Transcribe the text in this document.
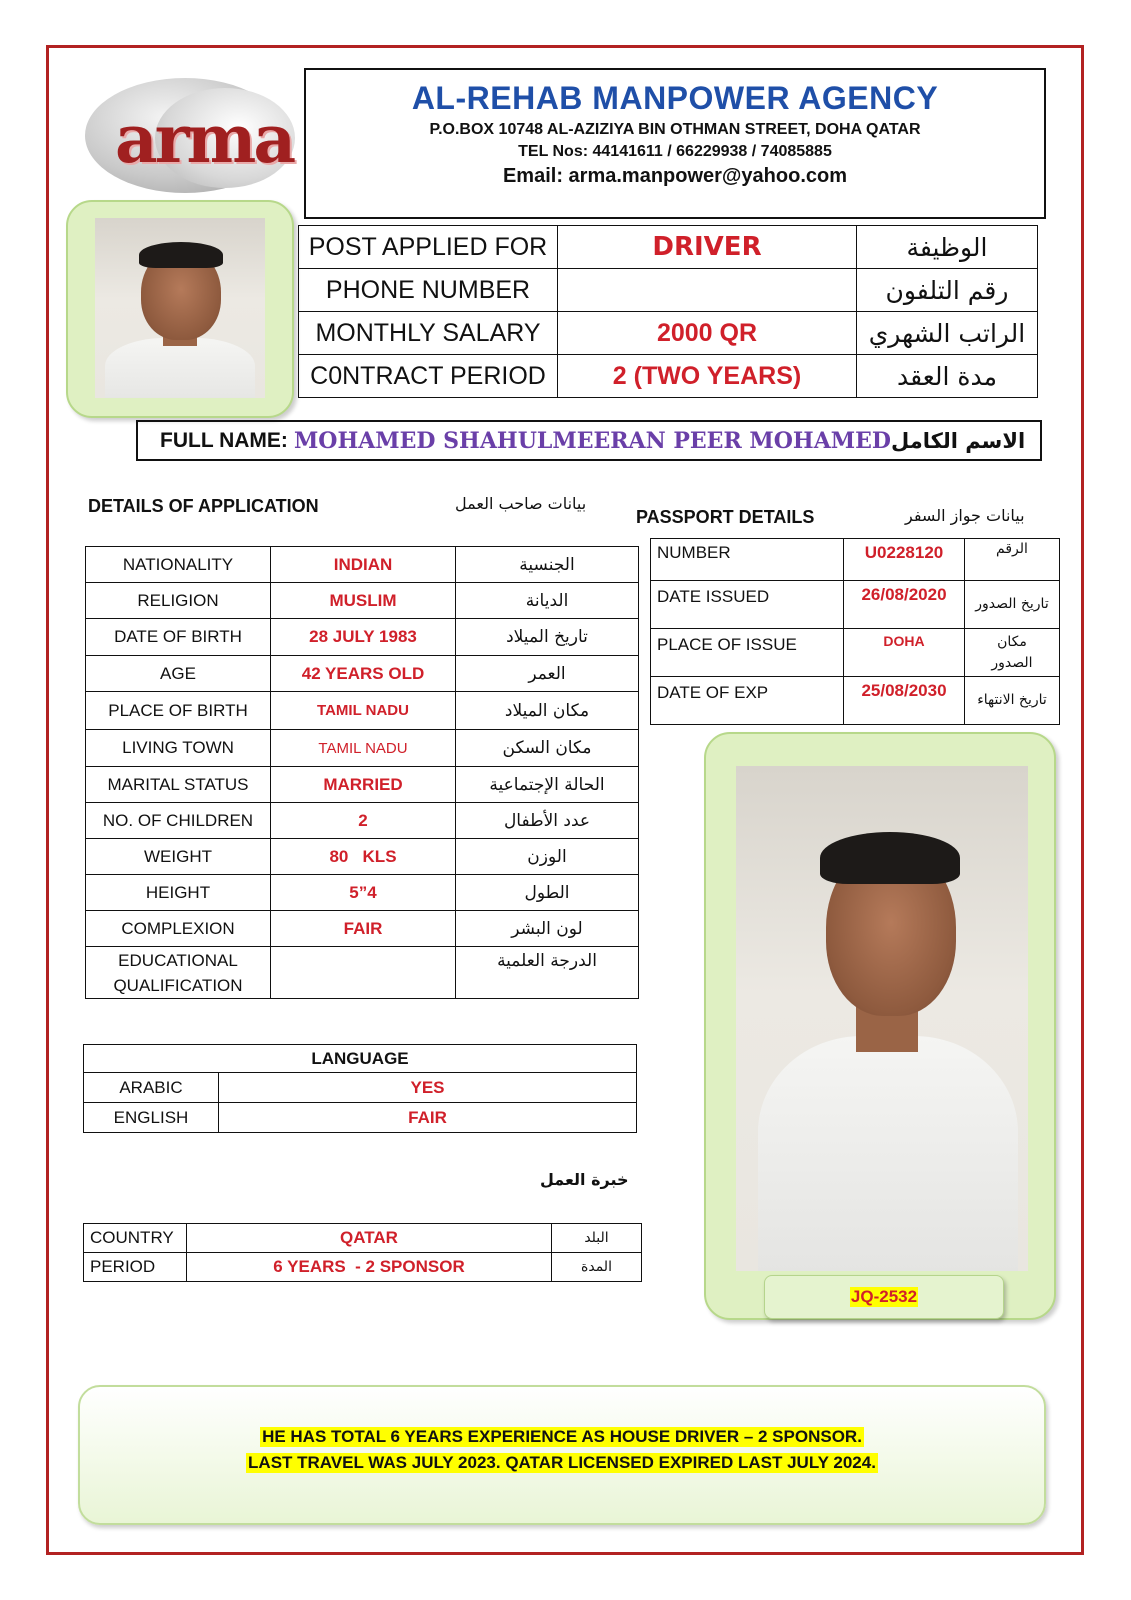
arma
AL-REHAB MANPOWER AGENCY
P.O.BOX 10748 AL-AZIZIYA BIN OTHMAN STREET, DOHA QATAR
TEL Nos: 44141611 / 66229938 / 74085885
Email: arma.manpower@yahoo.com
POST APPLIED FOR	DRIVER	الوظيفة
PHONE NUMBER		رقم التلفون
MONTHLY SALARY	2000 QR	الراتب الشهري
C0NTRACT PERIOD	2 (TWO YEARS)	مدة العقد
FULL NAME: MOHAMED SHAHULMEERAN PEER MOHAMED الاسم الكامل
DETAILS OF APPLICATION	بيانات صاحب العمل
PASSPORT DETAILS	بيانات جواز السفر
NATIONALITY	INDIAN	الجنسية
RELIGION	MUSLIM	الديانة
DATE OF BIRTH	28 JULY 1983	تاريخ الميلاد
AGE	42 YEARS OLD	العمر
PLACE OF BIRTH	TAMIL NADU	مكان الميلاد
LIVING TOWN	TAMIL NADU	مكان السكن
MARITAL STATUS	MARRIED	الحالة الإجتماعية
NO. OF CHILDREN	2	عدد الأطفال
WEIGHT	80   KLS	الوزن
HEIGHT	5”4	الطول
COMPLEXION	FAIR	لون البشر
EDUCATIONAL QUALIFICATION		الدرجة العلمية
NUMBER	U0228120	الرقم
DATE ISSUED	26/08/2020	تاريخ الصدور
PLACE OF ISSUE	DOHA	مكان الصدور
DATE OF EXP	25/08/2030	تاريخ الانتهاء
JQ-2532
LANGUAGE	
ARABIC	YES
ENGLISH	FAIR
خبرة العمل
COUNTRY	QATAR	البلد
PERIOD	6 YEARS  - 2 SPONSOR	المدة
HE HAS TOTAL 6 YEARS EXPERIENCE AS HOUSE DRIVER – 2 SPONSOR.
LAST TRAVEL WAS JULY 2023. QATAR LICENSED EXPIRED LAST JULY 2024.
